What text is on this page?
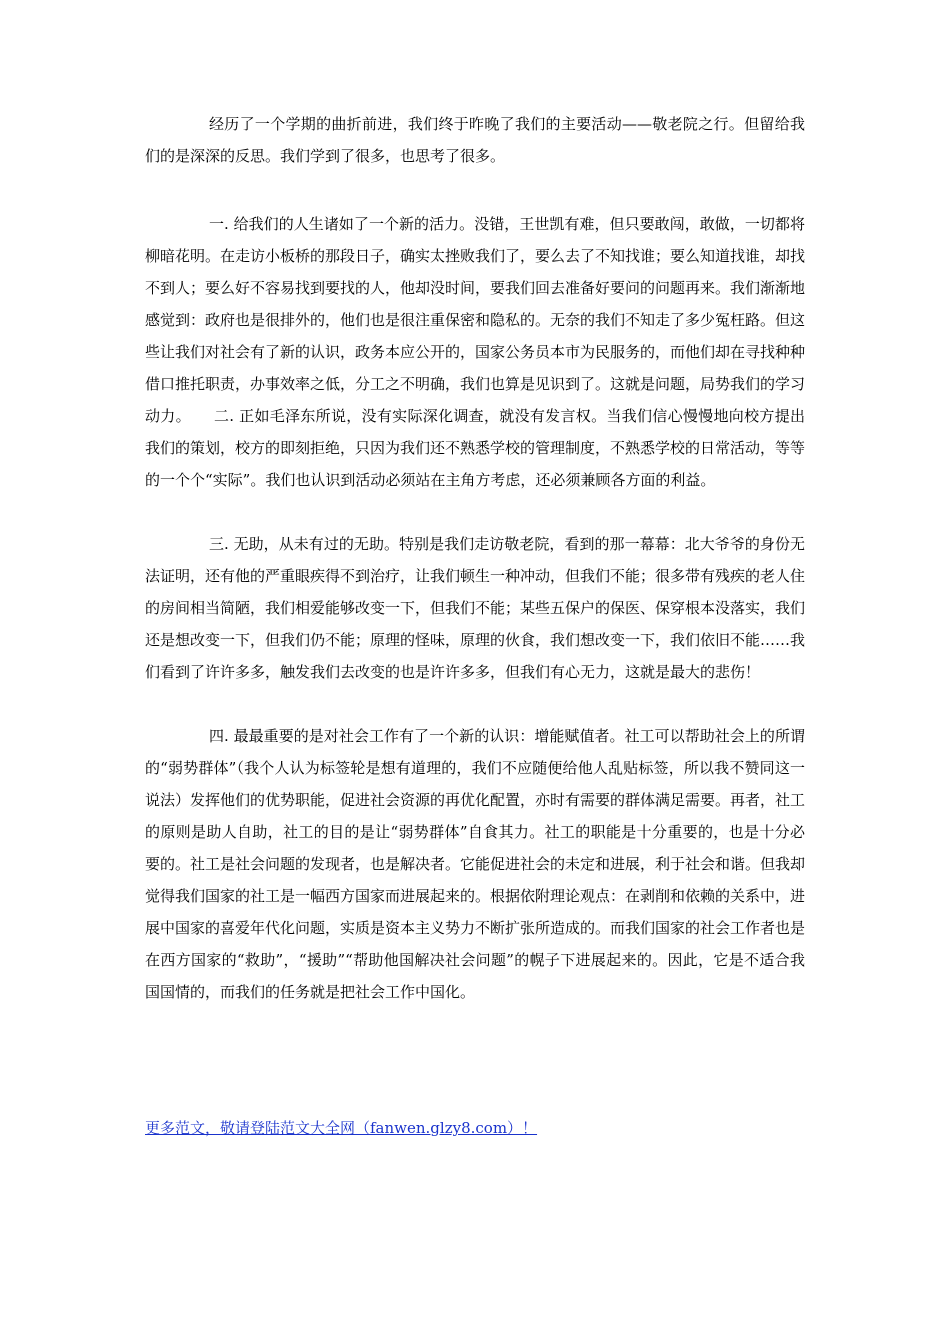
经历了一个学期的曲折前进，我们终于昨晚了我们的主要活动——敬老院之行。但留给我们的是深深的反思。我们学到了很多，也思考了很多。

一. 给我们的人生诸如了一个新的活力。没错，王世凯有难，但只要敢闯，敢做，一切都将柳暗花明。在走访小板桥的那段日子，确实太挫败我们了，要么去了不知找谁；要么知道找谁，却找不到人；要么好不容易找到要找的人，他却没时间，要我们回去准备好要问的问题再来。我们渐渐地感觉到：政府也是很排外的，他们也是很注重保密和隐私的。无奈的我们不知走了多少冤枉路。但这些让我们对社会有了新的认识，政务本应公开的，国家公务员本市为民服务的，而他们却在寻找种种借口推托职责，办事效率之低，分工之不明确，我们也算是见识到了。这就是问题，局势我们的学习动力。　　二. 正如毛泽东所说，没有实际深化调查，就没有发言权。当我们信心慢慢地向校方提出我们的策划，校方的即刻拒绝，只因为我们还不熟悉学校的管理制度，不熟悉学校的日常活动，等等的一个个“实际”。我们也认识到活动必须站在主角方考虑，还必须兼顾各方面的利益。

三. 无助，从未有过的无助。特别是我们走访敬老院，看到的那一幕幕：北大爷爷的身份无法证明，还有他的严重眼疾得不到治疗，让我们顿生一种冲动，但我们不能；很多带有残疾的老人住的房间相当简陋，我们相爱能够改变一下，但我们不能；某些五保户的保医、保穿根本没落实，我们还是想改变一下，但我们仍不能；原理的怪味，原理的伙食，我们想改变一下，我们依旧不能……我们看到了许许多多，触发我们去改变的也是许许多多，但我们有心无力，这就是最大的悲伤！

四. 最最重要的是对社会工作有了一个新的认识：增能赋值者。社工可以帮助社会上的所谓的“弱势群体”（我个人认为标签轮是想有道理的，我们不应随便给他人乱贴标签，所以我不赞同这一说法）发挥他们的优势职能，促进社会资源的再优化配置，亦时有需要的群体满足需要。再者，社工的原则是助人自助，社工的目的是让“弱势群体”自食其力。社工的职能是十分重要的，也是十分必要的。社工是社会问题的发现者，也是解决者。它能促进社会的未定和进展，利于社会和谐。但我却觉得我们国家的社工是一幅西方国家而进展起来的。根据依附理论观点：在剥削和依赖的关系中，进展中国家的喜爱年代化问题，实质是资本主义势力不断扩张所造成的。而我们国家的社会工作者也是在西方国家的“救助”，“援助”“帮助他国解决社会问题”的幌子下进展起来的。因此，它是不适合我国国情的，而我们的任务就是把社会工作中国化。

更多范文，敬请登陆范文大全网（fanwen.glzy8.com）！
